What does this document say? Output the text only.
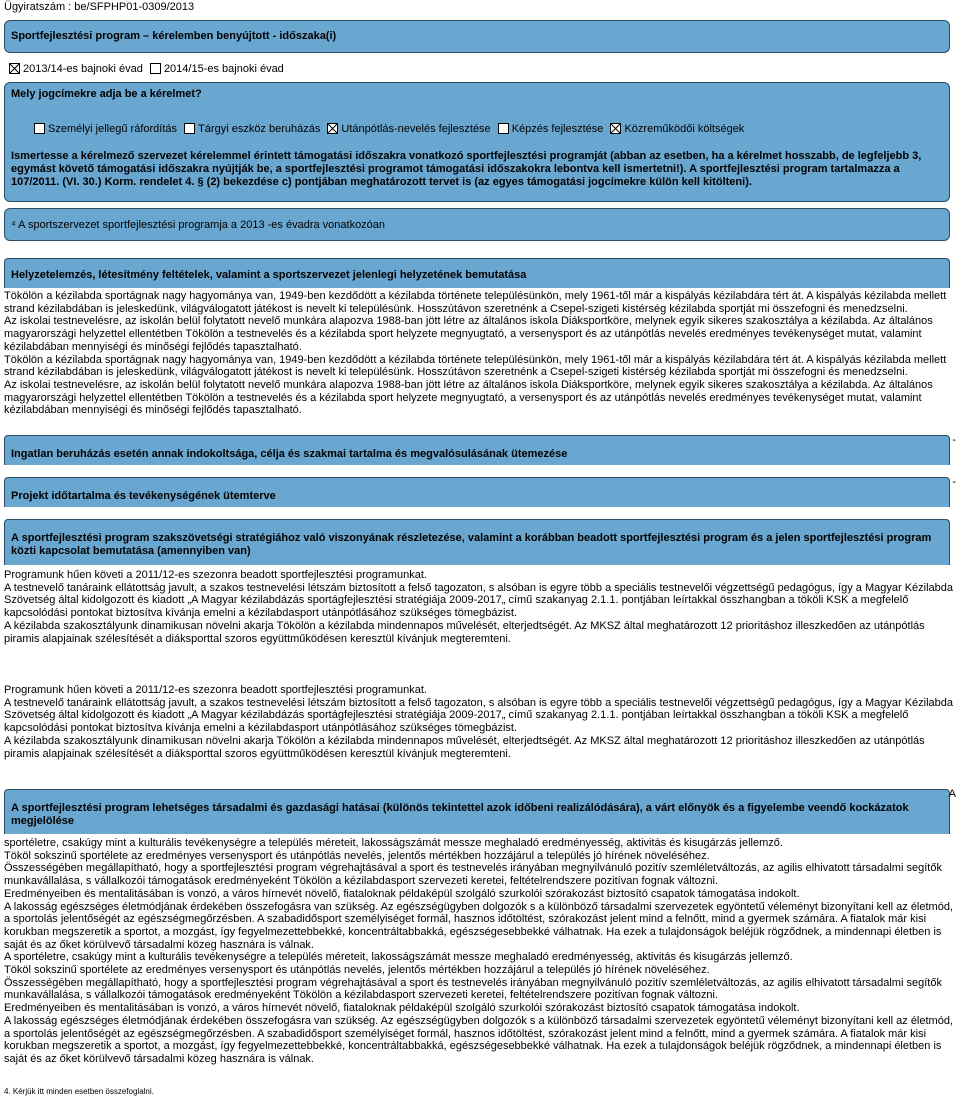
Ügyiratszám : be/SFPHP01-0309/2013
Sportfejlesztési program – kérelemben benyújtott - időszaka(i)
2013/14-es bajnoki évad 2014/15-es bajnoki évad
Mely jogcímekre adja be a kérelmet?
Személyi jellegű ráfordítás Tárgyi eszköz beruházás Utánpótlás-nevelés fejlesztése Képzés fejlesztése Közreműködői költségek
Ismertesse a kérelmező szervezet kérelemmel érintett támogatási időszakra vonatkozó sportfejlesztési programját (abban az esetben, ha a kérelmet hosszabb, de legfeljebb 3, egymást követő támogatási időszakra nyújtják be, a sportfejlesztési programot támogatási időszakokra lebontva kell ismertetni!). A sportfejlesztési program tartalmazza a 107/2011. (VI. 30.) Korm. rendelet 4. § (2) bekezdése c) pontjában meghatározott tervet is (az egyes támogatási jogcímekre külön kell kitölteni).
⁴ A sportszervezet sportfejlesztési programja a 2013 -es évadra vonatkozóan
Helyzetelemzés, létesítmény feltételek, valamint a sportszervezet jelenlegi helyzetének bemutatása

Tökölön a kézilabda sportágnak nagy hagyománya van, 1949-ben kezdődött a kézilabda története településünkön, mely 1961-től már a kispályás kézilabdára tért át. A kispályás kézilabda mellett strand kézilabdában is jeleskedünk, világválogatott játékost is nevelt ki településünk. Hosszútávon szeretnénk a Csepel-szigeti kistérség kézilabda sportját mi összefogni és menedzselni.

Az iskolai testnevelésre, az iskolán belül folytatott nevelő munkára alapozva 1988-ban jött létre az általános iskola Diáksportköre, melynek egyik sikeres szakosztálya a kézilabda. Az általános magyarországi helyzettel ellentétben Tökölön a testnevelés és a kézilabda sport helyzete megnyugtató, a versenysport és az utánpótlás nevelés eredményes tevékenységet mutat, valamint kézilabdában mennyiségi és minőségi fejlődés tapasztalható.

Tökölön a kézilabda sportágnak nagy hagyománya van, 1949-ben kezdődött a kézilabda története településünkön, mely 1961-től már a kispályás kézilabdára tért át. A kispályás kézilabda mellett strand kézilabdában is jeleskedünk, világválogatott játékost is nevelt ki településünk. Hosszútávon szeretnénk a Csepel-szigeti kistérség kézilabda sportját mi összefogni és menedzselni.

Az iskolai testnevelésre, az iskolán belül folytatott nevelő munkára alapozva 1988-ban jött létre az általános iskola Diáksportköre, melynek egyik sikeres szakosztálya a kézilabda. Az általános magyarországi helyzettel ellentétben Tökölön a testnevelés és a kézilabda sport helyzete megnyugtató, a versenysport és az utánpótlás nevelés eredményes tevékenységet mutat, valamint kézilabdában mennyiségi és minőségi fejlődés tapasztalható.

Ingatlan beruházás esetén annak indokoltsága, célja és szakmai tartalma és megvalósulásának ütemezése
-
Projekt időtartalma és tevékenységének ütemterve
-
A sportfejlesztési program szakszövetségi stratégiához való viszonyának részletezése, valamint a korábban beadott sportfejlesztési program és a jelen sportfejlesztési program közti kapcsolat bemutatása (amennyiben van)

Programunk hűen követi a 2011/12-es szezonra beadott sportfejlesztési programunkat.

A testnevelő tanáraink ellátottság javult, a szakos testnevelési létszám biztosított a felső tagozaton, s alsóban is egyre több a speciális testnevelői végzettségű pedagógus, így a Magyar Kézilabda Szövetség által kidolgozott és kiadott „A Magyar kézilabdázás sportágfejlesztési stratégiája 2009-2017„ című szakanyag 2.1.1. pontjában leírtakkal összhangban a tököli KSK a megfelelő kapcsolódási pontokat biztosítva kívánja emelni a kézilabdasport utánpótlásához szükséges tömegbázist.

A kézilabda szakosztályunk dinamikusan növelni akarja Tökölön a kézilabda mindennapos művelését, elterjedtségét. Az MKSZ által meghatározott 12 prioritáshoz illeszkedően az utánpótlás piramis alapjainak szélesítését a diáksporttal szoros együttműködésen keresztül kívánjuk megteremteni.

Programunk hűen követi a 2011/12-es szezonra beadott sportfejlesztési programunkat.

A testnevelő tanáraink ellátottság javult, a szakos testnevelési létszám biztosított a felső tagozaton, s alsóban is egyre több a speciális testnevelői végzettségű pedagógus, így a Magyar Kézilabda Szövetség által kidolgozott és kiadott „A Magyar kézilabdázás sportágfejlesztési stratégiája 2009-2017„ című szakanyag 2.1.1. pontjában leírtakkal összhangban a tököli KSK a megfelelő kapcsolódási pontokat biztosítva kívánja emelni a kézilabdasport utánpótlásához szükséges tömegbázist.

A kézilabda szakosztályunk dinamikusan növelni akarja Tökölön a kézilabda mindennapos művelését, elterjedtségét. Az MKSZ által meghatározott 12 prioritáshoz illeszkedően az utánpótlás piramis alapjainak szélesítését a diáksporttal szoros együttműködésen keresztül kívánjuk megteremteni.

A sportfejlesztési program lehetséges társadalmi és gazdasági hatásai (különös tekintettel azok időbeni realizálódására), a várt előnyök és a figyelembe veendő kockázatok megjelölése
A

sportéletre, csakúgy mint a kulturális tevékenységre a település méreteit, lakosságszámát messze meghaladó eredményesség, aktivitás és kisugárzás jellemző.

Tököl sokszinű sportélete az eredményes versenysport és utánpótlás nevelés, jelentős mértékben hozzájárul a település jó hírének növeléséhez.

Összességében megállapítható, hogy a sportfejlesztési program végrehajtásával a sport és testnevelés irányában megnyilvánuló pozitív szemléletváltozás, az agilis elhivatott társadalmi segítők munkavállalása, s vállalkozói támogatások eredményeként Tökölön a kézilabdasport szervezeti keretei, feltételrendszere pozitívan fognak változni.

Eredményeiben és mentalitásában is vonzó, a város hírnevét növelő, fiataloknak példaképül szolgáló szurkolói szórakozást biztosító csapatok támogatása indokolt.

A lakosság egészséges életmódjának érdekében összefogásra van szükség. Az egészségügyben dolgozók s a különböző társadalmi szervezetek egyöntetű véleményt bizonyítani kell az életmód, a sportolás jelentőségét az egészségmegőrzésben. A szabadidősport személyiséget formál, hasznos időtöltést, szórakozást jelent mind a felnőtt, mind a gyermek számára. A fiatalok már kisi korukban megszeretik a sportot, a mozgást, így fegyelmezettebbekké, koncentráltabbakká, egészségesebbekké válhatnak. Ha ezek a tulajdonságok beléjük rögződnek, a mindennapi életben is saját és az őket körülvevő társadalmi közeg hasznára is válnak.

A sportéletre, csakúgy mint a kulturális tevékenységre a település méreteit, lakosságszámát messze meghaladó eredményesség, aktivitás és kisugárzás jellemző.

Tököl sokszinű sportélete az eredményes versenysport és utánpótlás nevelés, jelentős mértékben hozzájárul a település jó hírének növeléséhez.

Összességében megállapítható, hogy a sportfejlesztési program végrehajtásával a sport és testnevelés irányában megnyilvánuló pozitív szemléletváltozás, az agilis elhivatott társadalmi segítők munkavállalása, s vállalkozói támogatások eredményeként Tökölön a kézilabdasport szervezeti keretei, feltételrendszere pozitívan fognak változni.

Eredményeiben és mentalitásában is vonzó, a város hírnevét növelő, fiataloknak példaképül szolgáló szurkolói szórakozást biztosító csapatok támogatása indokolt.

A lakosság egészséges életmódjának érdekében összefogásra van szükség. Az egészségügyben dolgozók s a különböző társadalmi szervezetek egyöntetű véleményt bizonyítani kell az életmód, a sportolás jelentőségét az egészségmegőrzésben. A szabadidősport személyiséget formál, hasznos időtöltést, szórakozást jelent mind a felnőtt, mind a gyermek számára. A fiatalok már kisi korukban megszeretik a sportot, a mozgást, így fegyelmezettebbekké, koncentráltabbakká, egészségesebbekké válhatnak. Ha ezek a tulajdonságok beléjük rögződnek, a mindennapi életben is saját és az őket körülvevő társadalmi közeg hasznára is válnak.

4. Kérjük itt minden esetben összefoglalni.
